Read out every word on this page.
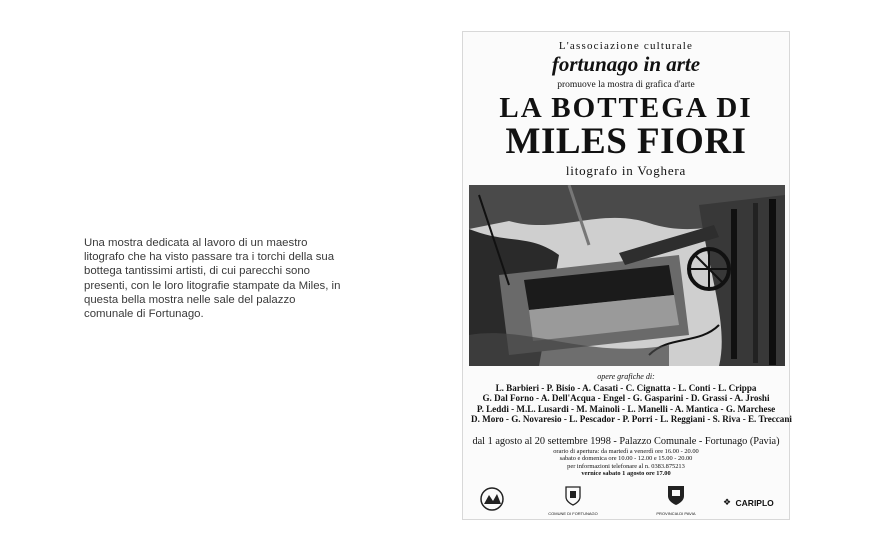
Una mostra dedicata al lavoro di un maestro litografo che ha visto passare tra i torchi della sua bottega tantissimi artisti, di cui parecchi sono presenti, con le loro litografie stampate da Miles, in questa bella mostra nelle sale del palazzo comunale di Fortunago.
L'associazione culturale
fortunago in arte
promuove la mostra di grafica d'arte
LA BOTTEGA DI
MILES FIORI
litografo in Voghera
opere grafiche di:
L. Barbieri - P. Bisio - A. Casati - C. Cignatta - L. Conti - L. Crippa
G. Dal Forno - A. Dell'Acqua - Engel - G. Gasparini - D. Grassi - A. Jroshi
P. Leddi - M.L. Lusardi - M. Mainoli - L. Manelli - A. Mantica - G. Marchese
D. Moro - G. Novaresio - L. Pescador - P. Porri - L. Reggiani - S. Riva - E. Treccani
dal 1 agosto al 20 settembre 1998 - Palazzo Comunale - Fortunago (Pavia)
orario di apertura: da martedì a venerdì ore 16.00 - 20.00
sabato e domenica ore 10.00 - 12.00 e 15.00 - 20.00
per informazioni telefonare al n. 0383.875213
vernice sabato 1 agosto ore 17.00
COMUNE DI FORTUNAGO	PROVINCIA DI PAVIA
❖ CARIPLO
